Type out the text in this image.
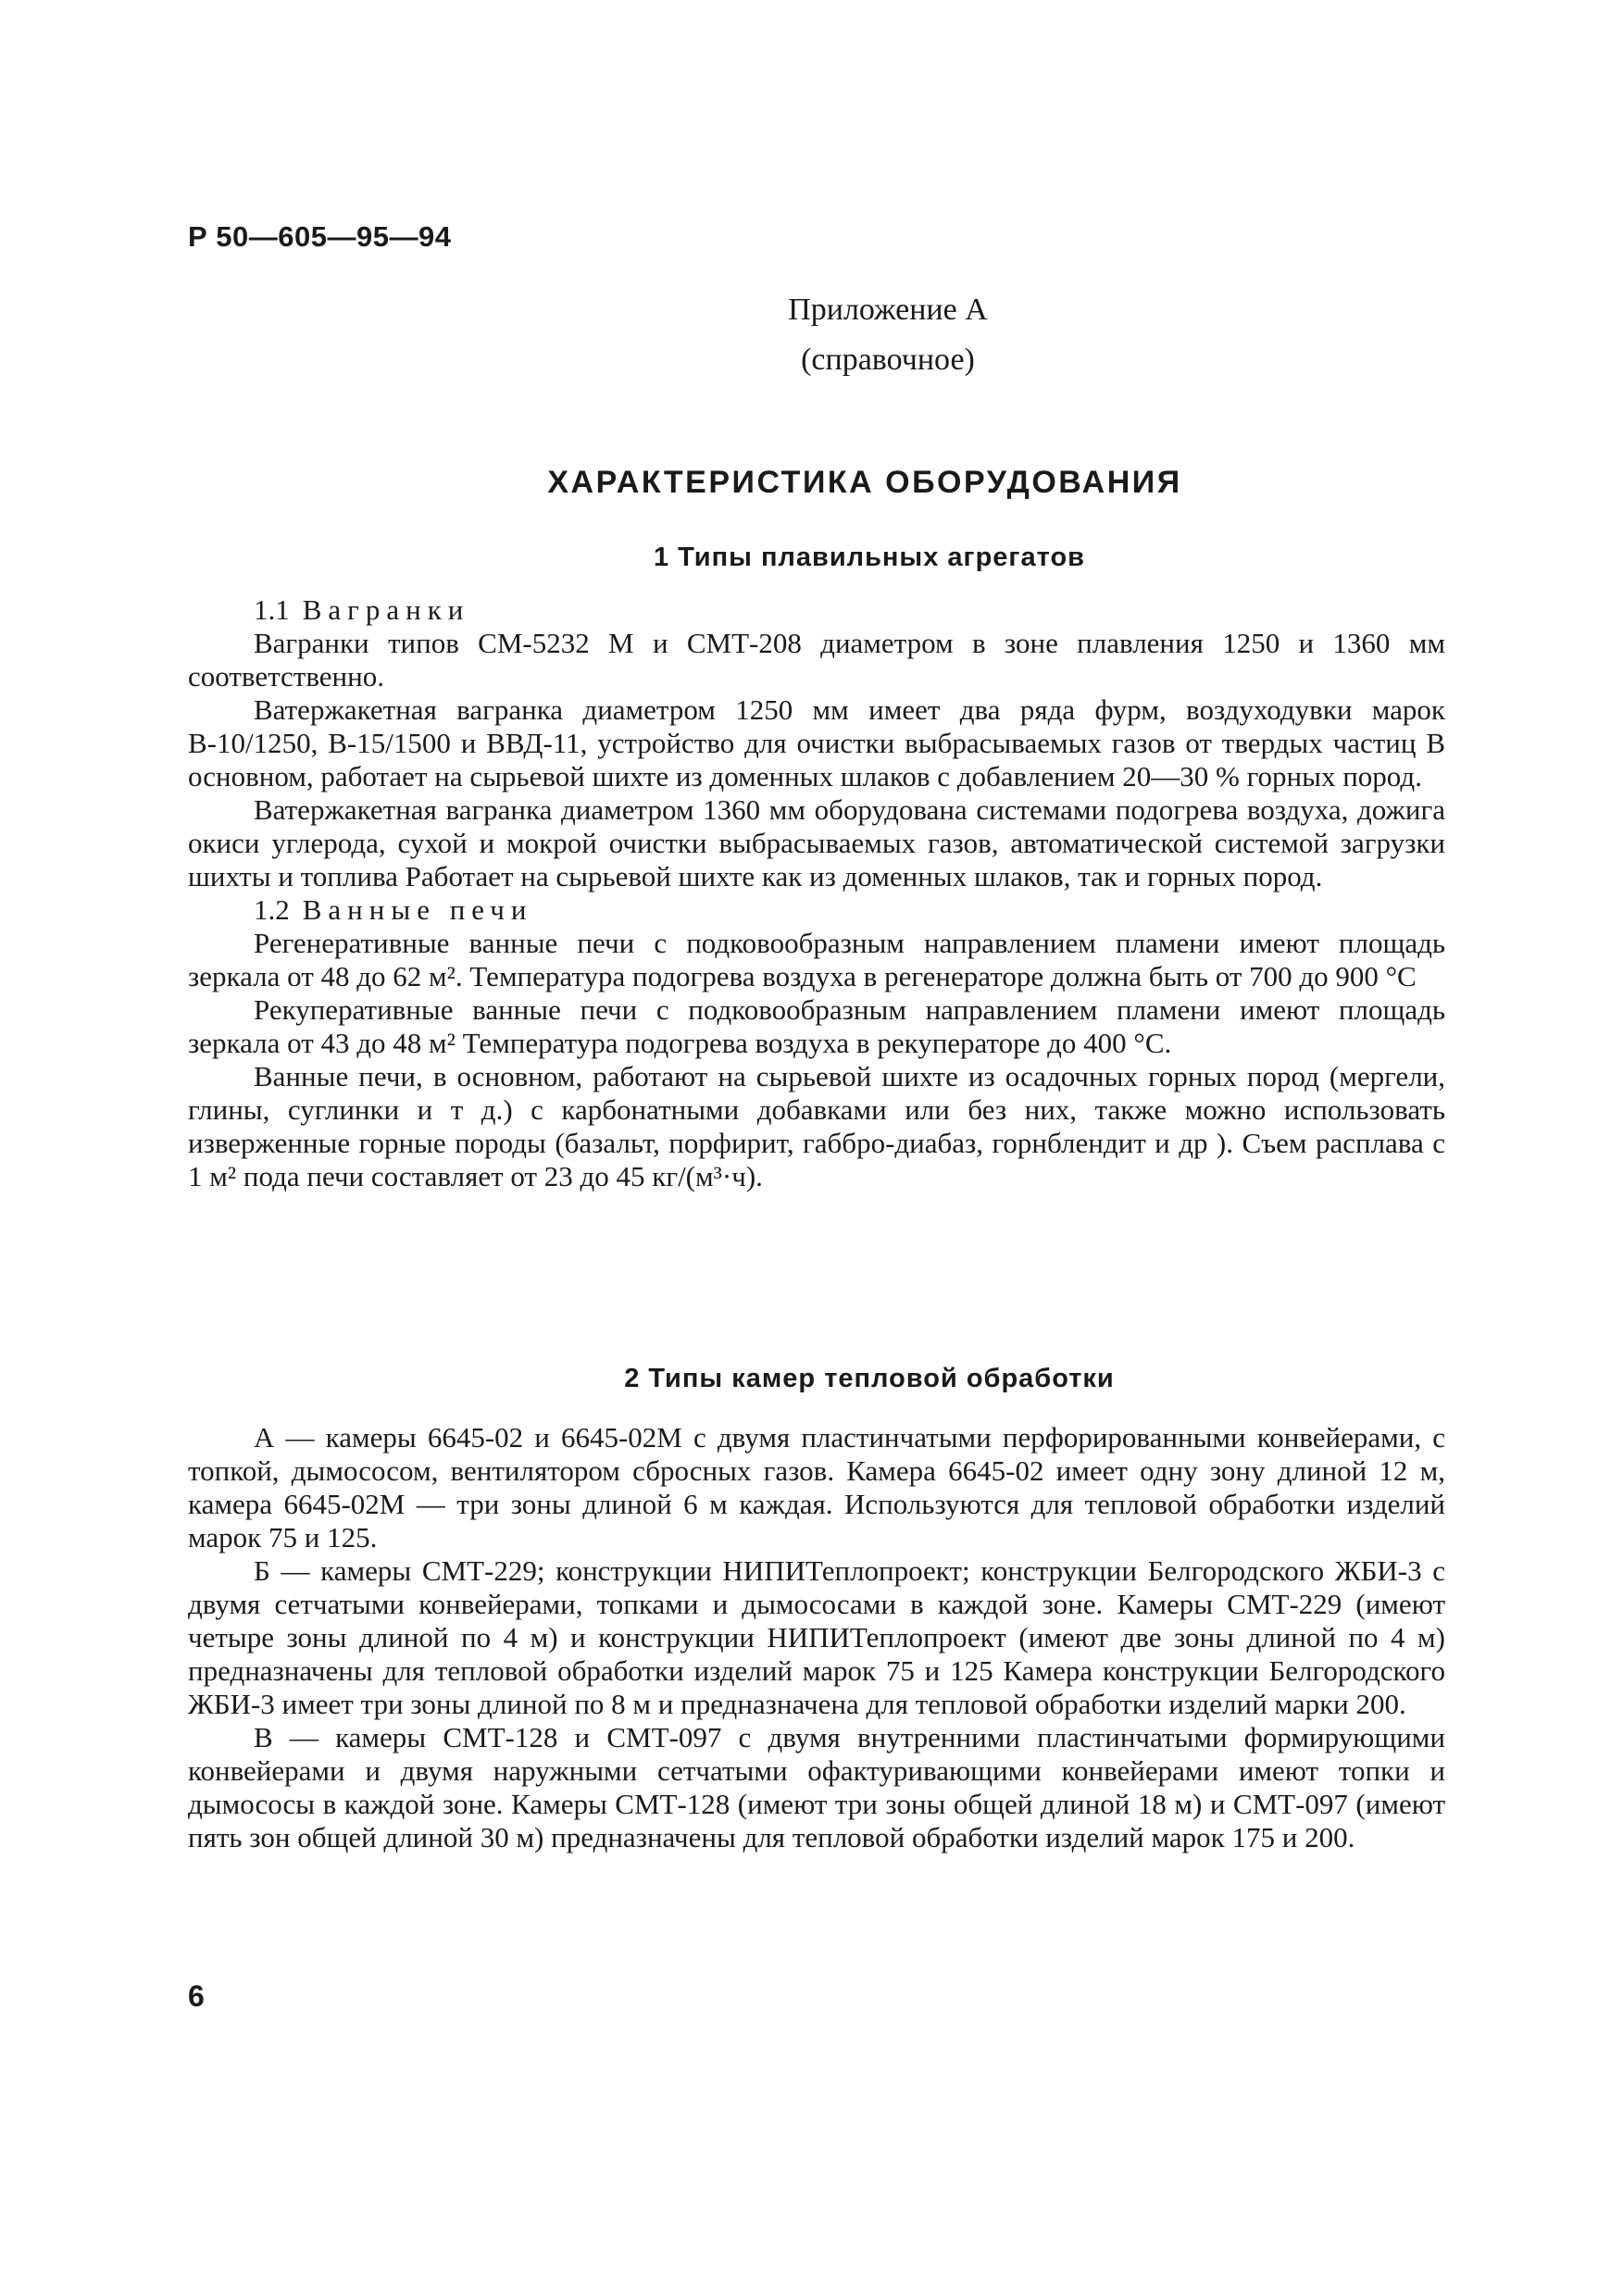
Р 50—605—95—94
Приложение А
(справочное)
ХАРАКТЕРИСТИКА ОБОРУДОВАНИЯ
1 Типы плавильных агрегатов
1.1 Вагранки

Вагранки типов СМ-5232 М и СМТ-208 диаметром в зоне плавления 1250 и 1360 мм соответственно.

Ватержакетная вагранка диаметром 1250 мм имеет два ряда фурм, воздуходувки марок В-10/1250, В-15/1500 и ВВД-11, устройство для очистки выбрасываемых газов от твердых частиц В основном, работает на сырьевой шихте из доменных шлаков с добавлением 20—30 % горных пород.

Ватержакетная вагранка диаметром 1360 мм оборудована системами подогрева воздуха, дожига окиси углерода, сухой и мокрой очистки выбрасываемых газов, автоматической системой загрузки шихты и топлива Работает на сырьевой шихте как из доменных шлаков, так и горных пород.

1.2 Ванные печи

Регенеративные ванные печи с подковообразным направлением пламени имеют площадь зеркала от 48 до 62 м². Температура подогрева воздуха в регенераторе должна быть от 700 до 900 °С

Рекуперативные ванные печи с подковообразным направлением пламени имеют площадь зеркала от 43 до 48 м² Температура подогрева воздуха в рекуператоре до 400 °С.

Ванные печи, в основном, работают на сырьевой шихте из осадочных горных пород (мергели, глины, суглинки и т д.) с карбонатными добавками или без них, также можно использовать изверженные горные породы (базальт, порфирит, габбро-диабаз, горнблендит и др ). Съем расплава с 1 м² пода печи составляет от 23 до 45 кг/(м³·ч).

2 Типы камер тепловой обработки

А — камеры 6645-02 и 6645-02М с двумя пластинчатыми перфорированными конвейерами, с топкой, дымососом, вентилятором сбросных газов. Камера 6645-02 имеет одну зону длиной 12 м, камера 6645-02М — три зоны длиной 6 м каждая. Используются для тепловой обработки изделий марок 75 и 125.

Б — камеры СМТ-229; конструкции НИПИТеплопроект; конструкции Белгородского ЖБИ-3 с двумя сетчатыми конвейерами, топками и дымососами в каждой зоне. Камеры СМТ-229 (имеют четыре зоны длиной по 4 м) и конструкции НИПИТеплопроект (имеют две зоны длиной по 4 м) предназначены для тепловой обработки изделий марок 75 и 125 Камера конструкции Белгородского ЖБИ-3 имеет три зоны длиной по 8 м и предназначена для тепловой обработки изделий марки 200.

В — камеры СМТ-128 и СМТ-097 с двумя внутренними пластинчатыми формирующими конвейерами и двумя наружными сетчатыми офактуривающими конвейерами имеют топки и дымососы в каждой зоне. Камеры СМТ-128 (имеют три зоны общей длиной 18 м) и СМТ-097 (имеют пять зон общей длиной 30 м) предназначены для тепловой обработки изделий марок 175 и 200.

6
